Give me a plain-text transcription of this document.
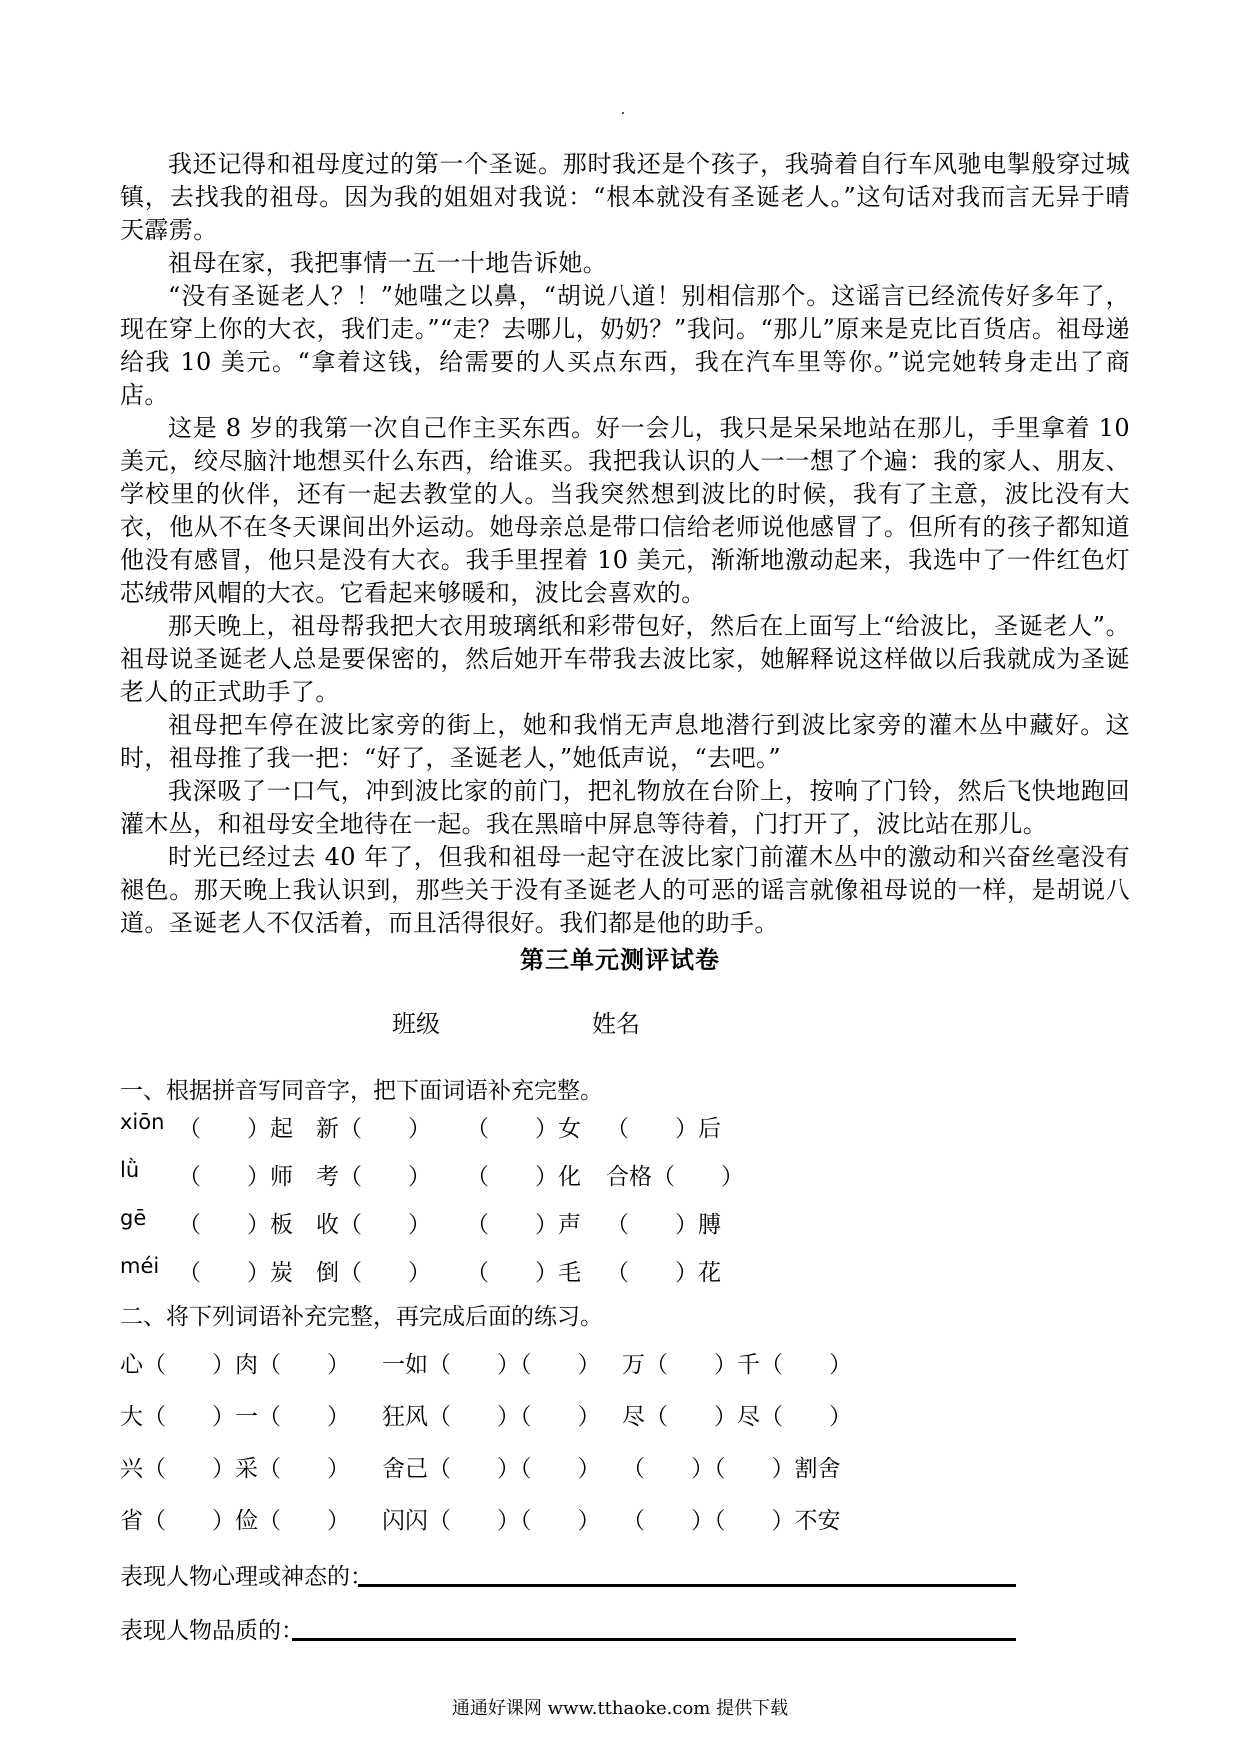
我还记得和祖母度过的第一个圣诞。那时我还是个孩子，我骑着自行车风驰电掣般穿过城镇，去找我的祖母。因为我的姐姐对我说：“根本就没有圣诞老人。”这句话对我而言无异于晴天霹雳。

祖母在家，我把事情一五一十地告诉她。

“没有圣诞老人？！”她嗤之以鼻，“胡说八道！别相信那个。这谣言已经流传好多年了，现在穿上你的大衣，我们走。”“走？去哪儿，奶奶？”我问。“那儿”原来是克比百货店。祖母递给我 10 美元。“拿着这钱，给需要的人买点东西，我在汽车里等你。”说完她转身走出了商店。

这是 8 岁的我第一次自己作主买东西。好一会儿，我只是呆呆地站在那儿，手里拿着 10 美元，绞尽脑汁地想买什么东西，给谁买。我把我认识的人一一想了个遍：我的家人、朋友、学校里的伙伴，还有一起去教堂的人。当我突然想到波比的时候，我有了主意，波比没有大衣，他从不在冬天课间出外运动。她母亲总是带口信给老师说他感冒了。但所有的孩子都知道他没有感冒，他只是没有大衣。我手里捏着 10 美元，渐渐地激动起来，我选中了一件红色灯芯绒带风帽的大衣。它看起来够暖和，波比会喜欢的。

那天晚上，祖母帮我把大衣用玻璃纸和彩带包好，然后在上面写上“给波比，圣诞老人”。祖母说圣诞老人总是要保密的，然后她开车带我去波比家，她解释说这样做以后我就成为圣诞老人的正式助手了。

祖母把车停在波比家旁的街上，她和我悄无声息地潜行到波比家旁的灌木丛中藏好。这时，祖母推了我一把：“好了，圣诞老人，”她低声说，“去吧。”

我深吸了一口气，冲到波比家的前门，把礼物放在台阶上，按响了门铃，然后飞快地跑回灌木丛，和祖母安全地待在一起。我在黑暗中屏息等待着，门打开了，波比站在那儿。

时光已经过去 40 年了，但我和祖母一起守在波比家门前灌木丛中的激动和兴奋丝毫没有褪色。那天晚上我认识到，那些关于没有圣诞老人的可恶的谣言就像祖母说的一样，是胡说八道。圣诞老人不仅活着，而且活得很好。我们都是他的助手。

第三单元测评试卷
班级	姓名
一、根据拼音写同音字，把下面词语补充完整。
xiōn （　　）起 新（　　） （　　）女 （　　）后
lǜ （　　）师 考（　　） （　　）化 合格（　　）
gē （　　）板 收（　　） （　　）声 （　　）膊
méi （　　）炭 倒（　　） （　　）毛 （　　）花
二、将下列词语补充完整，再完成后面的练习。
心（　　）肉（　　） 一如（　　）（　　） 万（　　）千（　　）
大（　　）一（　　） 狂风（　　）（　　） 尽（　　）尽（　　）
兴（　　）采（　　） 舍己（　　）（　　） （　　）（　　）割舍
省（　　）俭（　　） 闪闪（　　）（　　） （　　）（　　）不安
表现人物心理或神态的：
表现人物品质的：
通通好课网 www.tthaoke.com 提供下载
